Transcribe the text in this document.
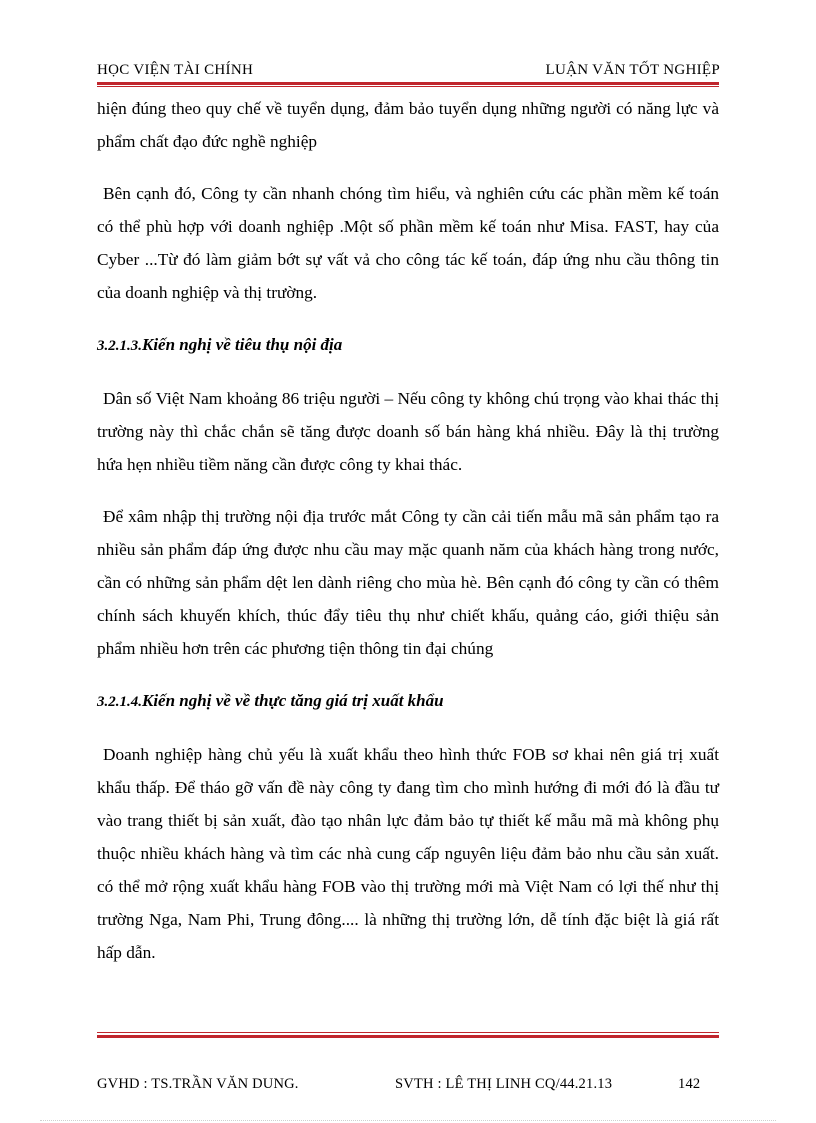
HỌC VIỆN TÀI CHÍNH	LUẬN VĂN TỐT NGHIỆP

hiện đúng theo quy chế về tuyển dụng, đảm bảo tuyển dụng những người có năng lực và phẩm chất đạo đức nghề nghiệp

Bên cạnh đó, Công ty cần nhanh chóng tìm hiểu, và nghiên cứu các phần mềm kế toán có thể phù hợp với doanh nghiệp .Một số phần mềm kế toán như Misa. FAST, hay của Cyber ...Từ đó làm giảm bớt sự vất vả cho công tác kế toán, đáp ứng nhu cầu thông tin của doanh nghiệp và thị trường.

3.2.1.3.Kiến nghị về tiêu thụ nội địa

Dân số Việt Nam khoảng 86 triệu người – Nếu công ty không chú trọng vào khai thác thị trường này thì chắc chắn sẽ tăng được doanh số bán hàng khá nhiều. Đây là thị trường hứa hẹn nhiều tiềm năng cần được công ty khai thác.

Để xâm nhập thị trường nội địa trước mắt Công ty cần cải tiến mẫu mã sản phẩm tạo ra nhiều sản phẩm đáp ứng được nhu cầu may mặc quanh năm của khách hàng trong nước, cần có những sản phẩm dệt len dành riêng cho mùa hè. Bên cạnh đó công ty cần có thêm chính sách khuyến khích, thúc đẩy tiêu thụ như chiết khấu, quảng cáo, giới thiệu sản phẩm nhiều hơn trên các phương tiện thông tin đại chúng

3.2.1.4.Kiến nghị về về thực tăng giá trị xuất khẩu

Doanh nghiệp hàng chủ yếu là xuất khẩu theo hình thức FOB sơ khai nên giá trị xuất khẩu thấp. Để tháo gỡ vấn đề này công ty đang tìm cho mình hướng đi mới đó là đầu tư vào trang thiết bị sản xuất, đào tạo nhân lực đảm bảo tự thiết kế mẫu mã mà không phụ thuộc nhiều khách hàng và tìm các nhà cung cấp nguyên liệu đảm bảo nhu cầu sản xuất. có thể mở rộng xuất khẩu hàng FOB vào thị trường mới mà Việt Nam có lợi thế như thị trường Nga, Nam Phi, Trung đông.... là những thị trường lớn, dễ tính đặc biệt là giá rất hấp dẫn.

GVHD : TS.TRẦN VĂN DUNG.	SVTH : LÊ THỊ LINH CQ/44.21.13	142
